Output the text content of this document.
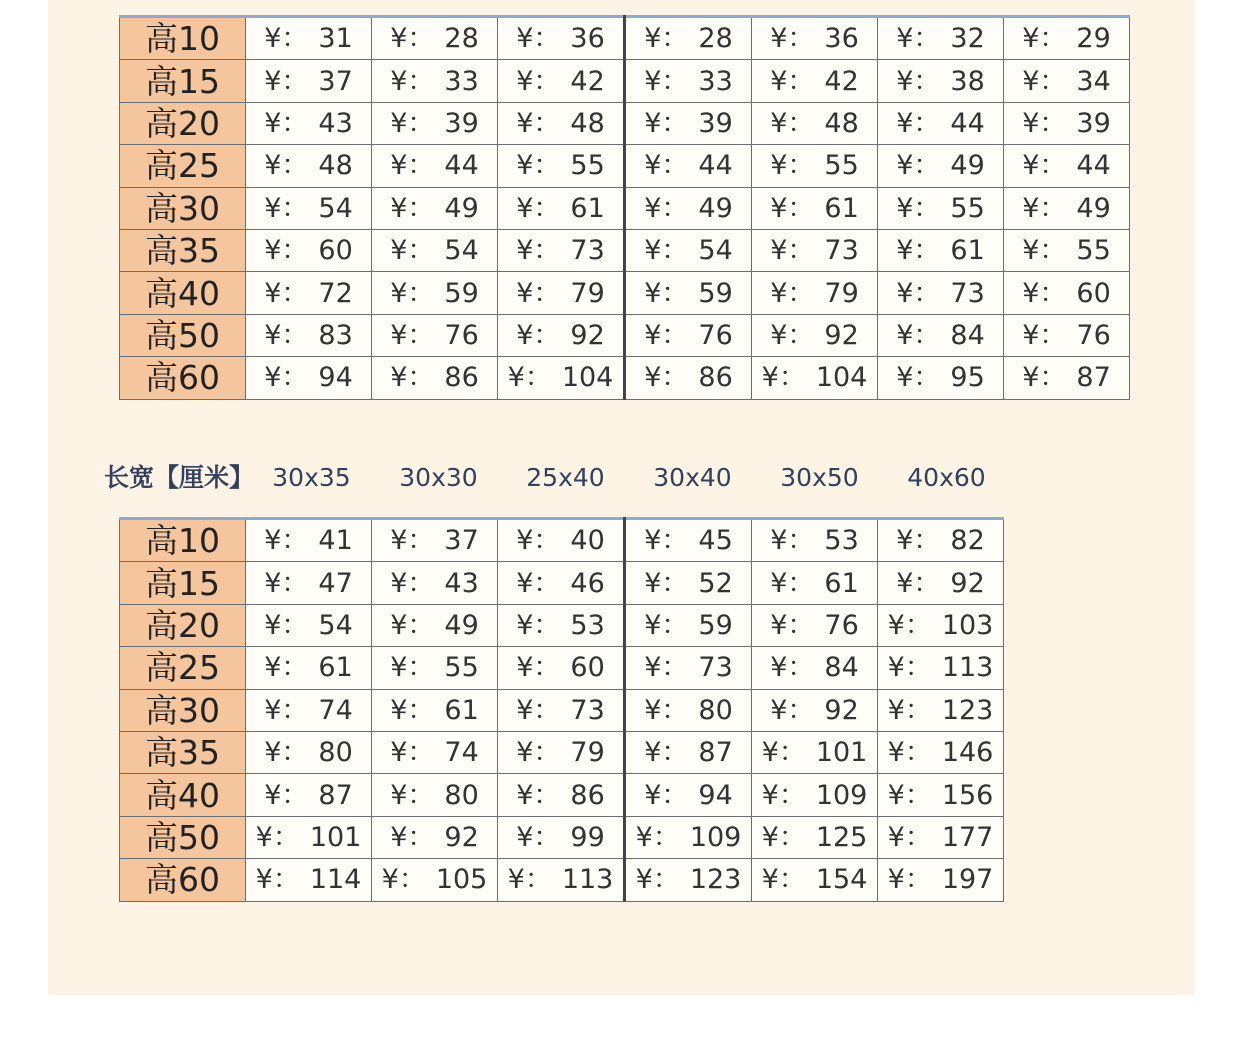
高10	¥ ： 31	¥ ： 28	¥ ： 36	¥ ： 28	¥ ： 36	¥ ： 32	¥ ： 29
高15	¥ ： 37	¥ ： 33	¥ ： 42	¥ ： 33	¥ ： 42	¥ ： 38	¥ ： 34
高20	¥ ： 43	¥ ： 39	¥ ： 48	¥ ： 39	¥ ： 48	¥ ： 44	¥ ： 39
高25	¥ ： 48	¥ ： 44	¥ ： 55	¥ ： 44	¥ ： 55	¥ ： 49	¥ ： 44
高30	¥ ： 54	¥ ： 49	¥ ： 61	¥ ： 49	¥ ： 61	¥ ： 55	¥ ： 49
高35	¥ ： 60	¥ ： 54	¥ ： 73	¥ ： 54	¥ ： 73	¥ ： 61	¥ ： 55
高40	¥ ： 72	¥ ： 59	¥ ： 79	¥ ： 59	¥ ： 79	¥ ： 73	¥ ： 60
高50	¥ ： 83	¥ ： 76	¥ ： 92	¥ ： 76	¥ ： 92	¥ ： 84	¥ ： 76
高60	¥ ： 94	¥ ： 86	¥ ： 104	¥ ： 86	¥ ： 104	¥ ： 95	¥ ： 87
长宽【厘米】 30x35	30x30	25x40	30x40	30x50	40x60
高10	¥ ： 41	¥ ： 37	¥ ： 40	¥ ： 45	¥ ： 53	¥ ： 82
高15	¥ ： 47	¥ ： 43	¥ ： 46	¥ ： 52	¥ ： 61	¥ ： 92
高20	¥ ： 54	¥ ： 49	¥ ： 53	¥ ： 59	¥ ： 76	¥ ： 103
高25	¥ ： 61	¥ ： 55	¥ ： 60	¥ ： 73	¥ ： 84	¥ ： 113
高30	¥ ： 74	¥ ： 61	¥ ： 73	¥ ： 80	¥ ： 92	¥ ： 123
高35	¥ ： 80	¥ ： 74	¥ ： 79	¥ ： 87	¥ ： 101	¥ ： 146
高40	¥ ： 87	¥ ： 80	¥ ： 86	¥ ： 94	¥ ： 109	¥ ： 156
高50	¥ ： 101	¥ ： 92	¥ ： 99	¥ ： 109	¥ ： 125	¥ ： 177
高60	¥ ： 114	¥ ： 105	¥ ： 113	¥ ： 123	¥ ： 154	¥ ： 197
